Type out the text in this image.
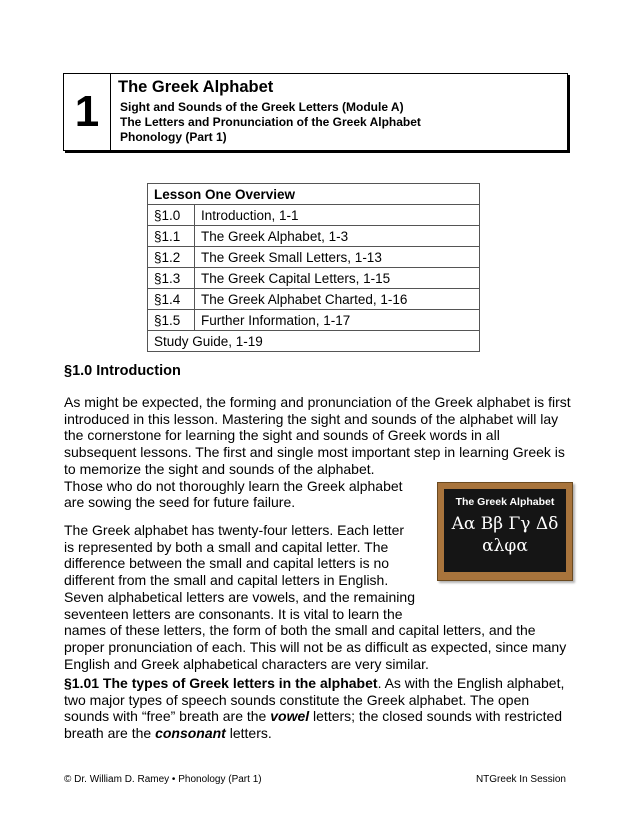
1	The Greek Alphabet
Sight and Sounds of the Greek Letters (Module A)
The Letters and Pronunciation of the Greek Alphabet
Phonology (Part 1)
Lesson One Overview	
§1.0	Introduction, 1-1
§1.1	The Greek Alphabet, 1-3
§1.2	The Greek Small Letters, 1-13
§1.3	The Greek Capital Letters, 1-15
§1.4	The Greek Alphabet Charted, 1-16
§1.5	Further Information, 1-17
Study Guide, 1-19	
§1.0 Introduction
As might be expected, the forming and pronunciation of the Greek alphabet is first
introduced in this lesson. Mastering the sight and sounds of the alphabet will lay
the cornerstone for learning the sight and sounds of Greek words in all
subsequent lessons. The first and single most important step in learning Greek is
to memorize the sight and sounds of the alphabet.
Those who do not thoroughly learn the Greek alphabet
are sowing the seed for future failure.
The Greek alphabet has twenty-four letters. Each letter
is represented by both a small and capital letter. The
difference between the small and capital letters is no
different from the small and capital letters in English.
Seven alphabetical letters are vowels, and the remaining
seventeen letters are consonants. It is vital to learn the
names of these letters, the form of both the small and capital letters, and the
proper pronunciation of each. This will not be as difficult as expected, since many
English and Greek alphabetical characters are very similar.
The Greek Alphabet
Αα Ββ Γγ Δδ
αλφα
§1.01 The types of Greek letters in the alphabet. As with the English alphabet,
two major types of speech sounds constitute the Greek alphabet. The open
sounds with “free” breath are the vowel letters; the closed sounds with restricted
breath are the consonant letters.
© Dr. William D. Ramey • Phonology (Part 1)	NTGreek In Session
